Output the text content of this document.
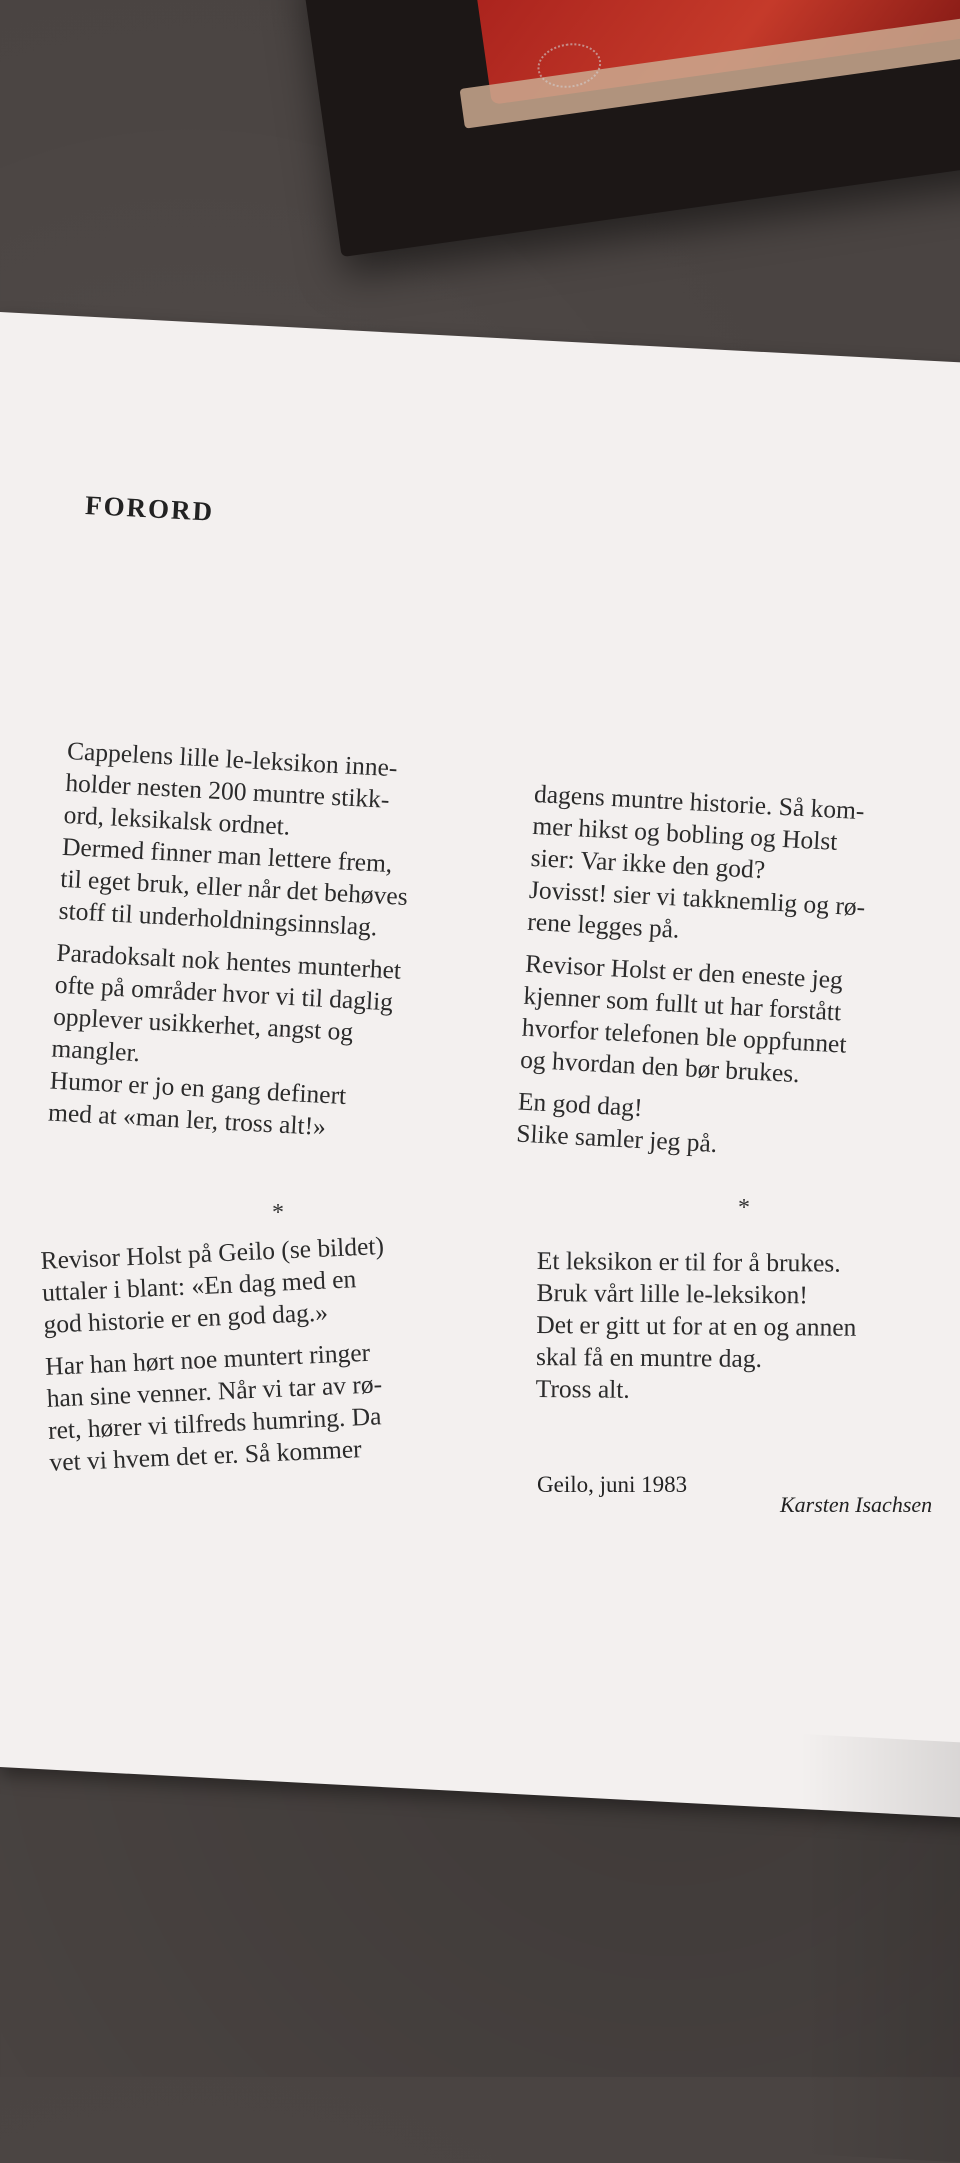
FORORD

Cappelens lille le-leksikon inne-
holder nesten 200 muntre stikk-
ord, leksikalsk ordnet.
Dermed finner man lettere frem,
til eget bruk, eller når det behøves
stoff til underholdningsinnslag.

Paradoksalt nok hentes munterhet
ofte på områder hvor vi til daglig
opplever usikkerhet, angst og
mangler.
Humor er jo en gang definert
med at «man ler, tross alt!»

*

Revisor Holst på Geilo (se bildet)
uttaler i blant: «En dag med en
god historie er en god dag.»

Har han hørt noe muntert ringer
han sine venner. Når vi tar av rø-
ret, hører vi tilfreds humring. Da
vet vi hvem det er. Så kommer

dagens muntre historie. Så kom-
mer hikst og bobling og Holst
sier: Var ikke den god?
Jovisst! sier vi takknemlig og rø-
rene legges på.

Revisor Holst er den eneste jeg
kjenner som fullt ut har forstått
hvorfor telefonen ble oppfunnet
og hvordan den bør brukes.

En god dag!
Slike samler jeg på.

*

Et leksikon er til for å brukes.
Bruk vårt lille le-leksikon!
Det er gitt ut for at en og annen
skal få en muntre dag.
Tross alt.

Geilo, juni 1983
Karsten Isachsen
